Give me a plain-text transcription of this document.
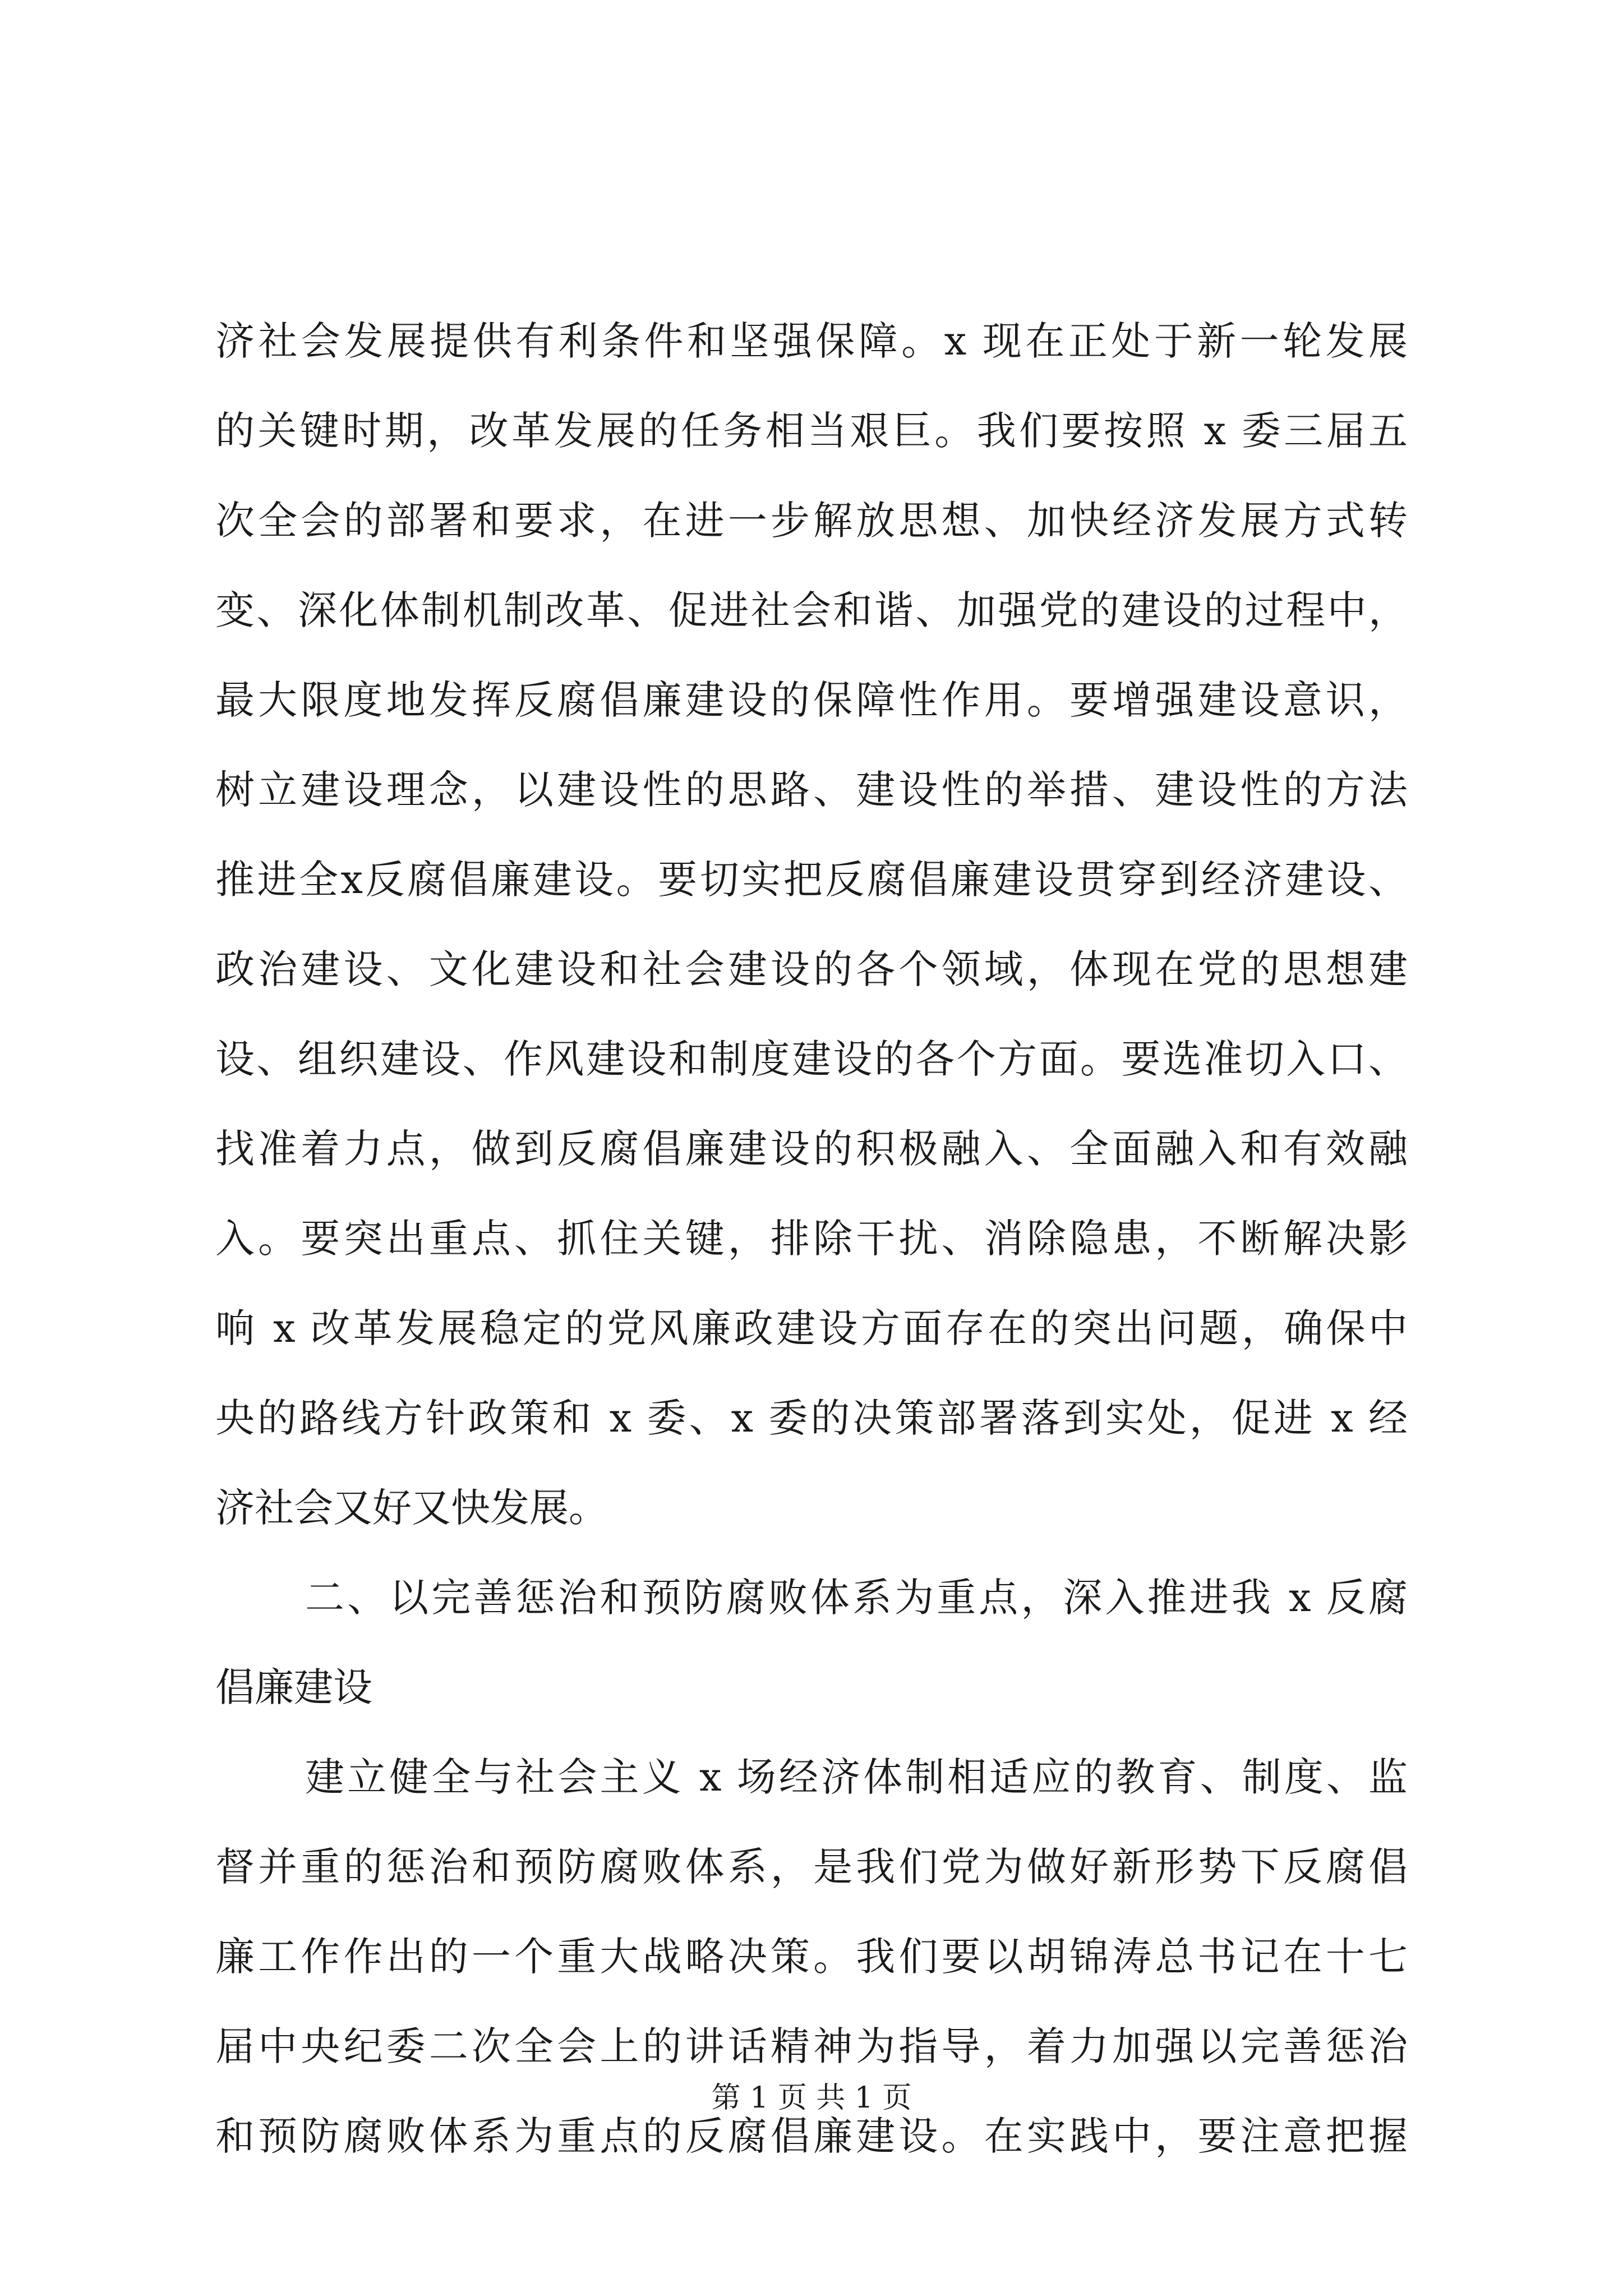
济社会发展提供有利条件和坚强保障。x 现在正处于新一轮发展
的关键时期，改革发展的任务相当艰巨。我们要按照 x 委三届五
次全会的部署和要求，在进一步解放思想、加快经济发展方式转
变、深化体制机制改革、促进社会和谐、加强党的建设的过程中，
最大限度地发挥反腐倡廉建设的保障性作用。要增强建设意识，
树立建设理念，以建设性的思路、建设性的举措、建设性的方法
推进全x反腐倡廉建设。要切实把反腐倡廉建设贯穿到经济建设、
政治建设、文化建设和社会建设的各个领域，体现在党的思想建
设、组织建设、作风建设和制度建设的各个方面。要选准切入口、
找准着力点，做到反腐倡廉建设的积极融入、全面融入和有效融
入。要突出重点、抓住关键，排除干扰、消除隐患，不断解决影
响 x 改革发展稳定的党风廉政建设方面存在的突出问题，确保中
央的路线方针政策和 x 委、x 委的决策部署落到实处，促进 x 经
济社会又好又快发展。
二、以完善惩治和预防腐败体系为重点，深入推进我 x 反腐
倡廉建设
建立健全与社会主义 x 场经济体制相适应的教育、制度、监
督并重的惩治和预防腐败体系，是我们党为做好新形势下反腐倡
廉工作作出的一个重大战略决策。我们要以胡锦涛总书记在十七
届中央纪委二次全会上的讲话精神为指导，着力加强以完善惩治
和预防腐败体系为重点的反腐倡廉建设。在实践中，要注意把握
第 1 页 共 1 页
